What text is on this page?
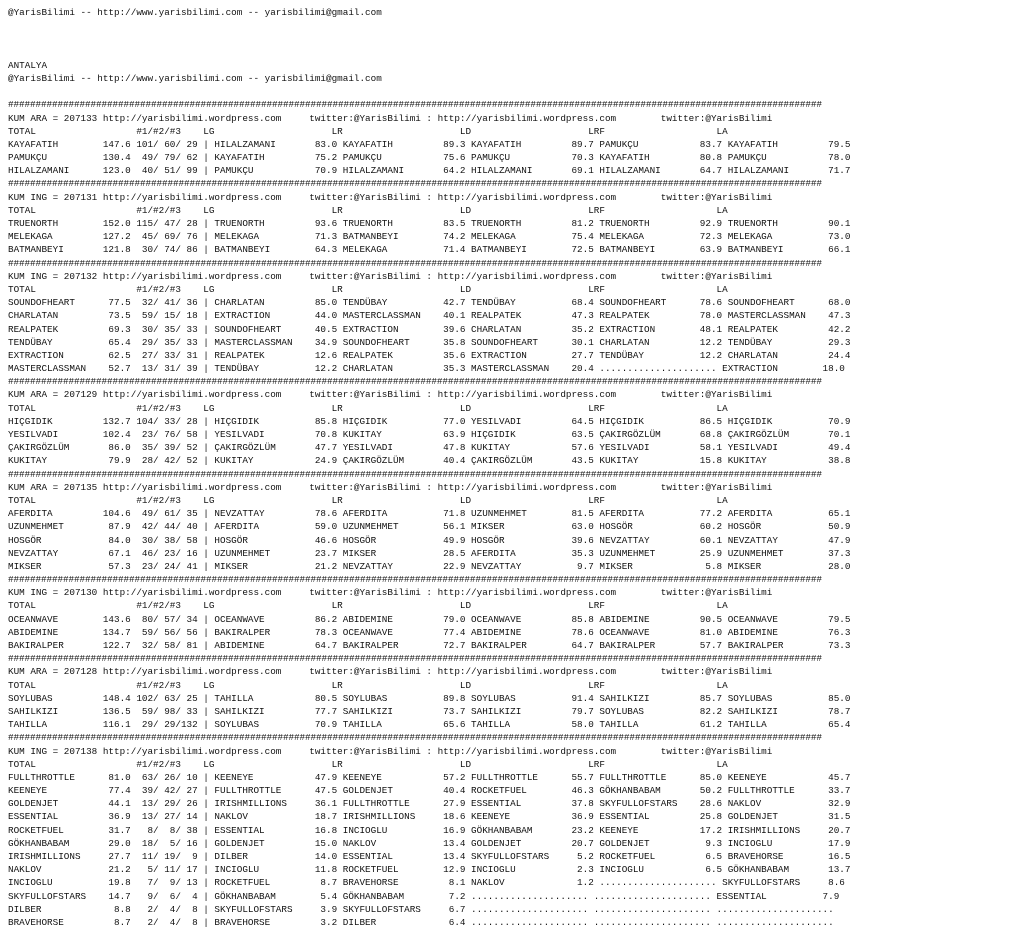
@YarisBilimi -- http://www.yarisbilimi.com -- yarisbilimi@gmail.com
ANTALYA
@YarisBilimi -- http://www.yarisbilimi.com -- yarisbilimi@gmail.com
####################################################################################################################################################
KUM ARA = 207133 http://yarisbilimi.wordpress.com     twitter:@YarisBilimi : http://yarisbilimi.wordpress.com        twitter:@YarisBilimi
TOTAL                  #1/#2/#3    LG                     LR                     LD                     LRF                    LA
KAYAFATIH        147.6 101/ 60/ 29 | HILALZAMANI       83.0 KAYAFATIH         89.3 KAYAFATIH         89.7 PAMUKÇU           83.7 KAYAFATIH         79.5
PAMUKÇU          130.4  49/ 79/ 62 | KAYAFATIH         75.2 PAMUKÇU           75.6 PAMUKÇU           70.3 KAYAFATIH         80.8 PAMUKÇU           78.0
HILALZAMANI      123.0  40/ 51/ 99 | PAMUKÇU           70.9 HILALZAMANI       64.2 HILALZAMANI       69.1 HILALZAMANI       64.7 HILALZAMANI       71.7
####################################################################################################################################################
KUM ING = 207131 http://yarisbilimi.wordpress.com     twitter:@YarisBilimi : http://yarisbilimi.wordpress.com        twitter:@YarisBilimi
TOTAL                  #1/#2/#3    LG                     LR                     LD                     LRF                    LA
TRUENORTH        152.0 115/ 47/ 28 | TRUENORTH         93.6 TRUENORTH         83.5 TRUENORTH         81.2 TRUENORTH         92.9 TRUENORTH         90.1
MELEKAGA         127.2  45/ 69/ 76 | MELEKAGA          71.3 BATMANBEYI        74.2 MELEKAGA          75.4 MELEKAGA          72.3 MELEKAGA          73.0
BATMANBEYI       121.8  30/ 74/ 86 | BATMANBEYI        64.3 MELEKAGA          71.4 BATMANBEYI        72.5 BATMANBEYI        63.9 BATMANBEYI        66.1
####################################################################################################################################################
KUM ING = 207132 http://yarisbilimi.wordpress.com     twitter:@YarisBilimi : http://yarisbilimi.wordpress.com        twitter:@YarisBilimi
TOTAL                  #1/#2/#3    LG                     LR                     LD                     LRF                    LA
SOUNDOFHEART      77.5  32/ 41/ 36 | CHARLATAN         85.0 TENDÜBAY          42.7 TENDÜBAY          68.4 SOUNDOFHEART      78.6 SOUNDOFHEART      68.0
CHARLATAN         73.5  59/ 15/ 18 | EXTRACTION        44.0 MASTERCLASSMAN    40.1 REALPATEK         47.3 REALPATEK         78.0 MASTERCLASSMAN    47.3
REALPATEK         69.3  30/ 35/ 33 | SOUNDOFHEART      40.5 EXTRACTION        39.6 CHARLATAN         35.2 EXTRACTION        48.1 REALPATEK         42.2
TENDÜBAY          65.4  29/ 35/ 33 | MASTERCLASSMAN    34.9 SOUNDOFHEART      35.8 SOUNDOFHEART      30.1 CHARLATAN         12.2 TENDÜBAY          29.3
EXTRACTION        62.5  27/ 33/ 31 | REALPATEK         12.6 REALPATEK         35.6 EXTRACTION        27.7 TENDÜBAY          12.2 CHARLATAN         24.4
MASTERCLASSMAN    52.7  13/ 31/ 39 | TENDÜBAY          12.2 CHARLATAN         35.3 MASTERCLASSMAN    20.4 ..................... EXTRACTION        18.0
####################################################################################################################################################
KUM ARA = 207129 http://yarisbilimi.wordpress.com     twitter:@YarisBilimi : http://yarisbilimi.wordpress.com        twitter:@YarisBilimi
TOTAL                  #1/#2/#3    LG                     LR                     LD                     LRF                    LA
HIÇGIDIK         132.7 104/ 33/ 28 | HIÇGIDIK          85.8 HIÇGIDIK          77.0 YESILVADI         64.5 HIÇGIDIK          86.5 HIÇGIDIK          70.9
YESILVADI        102.4  23/ 76/ 58 | YESILVADI         70.8 KUKITAY           63.9 HIÇGIDIK          63.5 ÇAKIRGÖZLÜM       68.8 ÇAKIRGÖZLÜM       70.1
ÇAKIRGÖZLÜM       86.0  35/ 39/ 52 | ÇAKIRGÖZLÜM       47.7 YESILVADI         47.8 KUKITAY           57.6 YESILVADI         58.1 YESILVADI         49.4
KUKITAY           79.9  28/ 42/ 52 | KUKITAY           24.9 ÇAKIRGÖZLÜM       40.4 ÇAKIRGÖZLÜM       43.5 KUKITAY           15.8 KUKITAY           38.8
####################################################################################################################################################
KUM ARA = 207135 http://yarisbilimi.wordpress.com     twitter:@YarisBilimi : http://yarisbilimi.wordpress.com        twitter:@YarisBilimi
TOTAL                  #1/#2/#3    LG                     LR                     LD                     LRF                    LA
AFERDITA         104.6  49/ 61/ 35 | NEVZATTAY         78.6 AFERDITA          71.8 UZUNMEHMET        81.5 AFERDITA          77.2 AFERDITA          65.1
UZUNMEHMET        87.9  42/ 44/ 40 | AFERDITA          59.0 UZUNMEHMET        56.1 MIKSER            63.0 HOSGÖR            60.2 HOSGÖR            50.9
HOSGÖR            84.0  30/ 38/ 58 | HOSGÖR            46.6 HOSGÖR            49.9 HOSGÖR            39.6 NEVZATTAY         60.1 NEVZATTAY         47.9
NEVZATTAY         67.1  46/ 23/ 16 | UZUNMEHMET        23.7 MIKSER            28.5 AFERDITA          35.3 UZUNMEHMET        25.9 UZUNMEHMET        37.3
MIKSER            57.3  23/ 24/ 41 | MIKSER            21.2 NEVZATTAY         22.9 NEVZATTAY          9.7 MIKSER             5.8 MIKSER            28.0
####################################################################################################################################################
KUM ING = 207130 http://yarisbilimi.wordpress.com     twitter:@YarisBilimi : http://yarisbilimi.wordpress.com        twitter:@YarisBilimi
TOTAL                  #1/#2/#3    LG                     LR                     LD                     LRF                    LA
OCEANWAVE        143.6  80/ 57/ 34 | OCEANWAVE         86.2 ABIDEMINE         79.0 OCEANWAVE         85.8 ABIDEMINE         90.5 OCEANWAVE         79.5
ABIDEMINE        134.7  59/ 56/ 56 | BAKIRALPER        78.3 OCEANWAVE         77.4 ABIDEMINE         78.6 OCEANWAVE         81.0 ABIDEMINE         76.3
BAKIRALPER       122.7  32/ 58/ 81 | ABIDEMINE         64.7 BAKIRALPER        72.7 BAKIRALPER        64.7 BAKIRALPER        57.7 BAKIRALPER        73.3
####################################################################################################################################################
KUM ARA = 207128 http://yarisbilimi.wordpress.com     twitter:@YarisBilimi : http://yarisbilimi.wordpress.com        twitter:@YarisBilimi
TOTAL                  #1/#2/#3    LG                     LR                     LD                     LRF                    LA
SOYLUBAS         148.4 102/ 63/ 25 | TAHILLA           80.5 SOYLUBAS          89.8 SOYLUBAS          91.4 SAHILKIZI         85.7 SOYLUBAS          85.0
SAHILKIZI        136.5  59/ 98/ 33 | SAHILKIZI         77.7 SAHILKIZI         73.7 SAHILKIZI         79.7 SOYLUBAS          82.2 SAHILKIZI         78.7
TAHILLA          116.1  29/ 29/132 | SOYLUBAS          70.9 TAHILLA           65.6 TAHILLA           58.0 TAHILLA           61.2 TAHILLA           65.4
####################################################################################################################################################
KUM ING = 207138 http://yarisbilimi.wordpress.com     twitter:@YarisBilimi : http://yarisbilimi.wordpress.com        twitter:@YarisBilimi
TOTAL                  #1/#2/#3    LG                     LR                     LD                     LRF                    LA
FULLTHROTTLE      81.0  63/ 26/ 10 | KEENEYE           47.9 KEENEYE           57.2 FULLTHROTTLE      55.7 FULLTHROTTLE      85.0 KEENEYE           45.7
KEENEYE           77.4  39/ 42/ 27 | FULLTHROTTLE      47.5 GOLDENJET         40.4 ROCKETFUEL        46.3 GÖKHANBABAM       50.2 FULLTHROTTLE      33.7
GOLDENJET         44.1  13/ 29/ 26 | IRISHMILLIONS     36.1 FULLTHROTTLE      27.9 ESSENTIAL         37.8 SKYFULLOFSTARS    28.6 NAKLOV            32.9
ESSENTIAL         36.9  13/ 27/ 14 | NAKLOV            18.7 IRISHMILLIONS     18.6 KEENEYE           36.9 ESSENTIAL         25.8 GOLDENJET         31.5
ROCKETFUEL        31.7   8/  8/ 38 | ESSENTIAL         16.8 INCIOGLU          16.9 GÖKHANBABAM       23.2 KEENEYE           17.2 IRISHMILLIONS     20.7
GÖKHANBABAM       29.0  18/  5/ 16 | GOLDENJET         15.0 NAKLOV            13.4 GOLDENJET         20.7 GOLDENJET          9.3 INCIOGLU          17.9
IRISHMILLIONS     27.7  11/ 19/  9 | DILBER            14.0 ESSENTIAL         13.4 SKYFULLOFSTARS     5.2 ROCKETFUEL         6.5 BRAVEHORSE        16.5
NAKLOV            21.2   5/ 11/ 17 | INCIOGLU          11.8 ROCKETFUEL        12.9 INCIOGLU           2.3 INCIOGLU           6.5 GÖKHANBABAM       13.7
INCIOGLU          19.8   7/  9/ 13 | ROCKETFUEL         8.7 BRAVEHORSE         8.1 NAKLOV             1.2 ..................... SKYFULLOFSTARS     8.6
SKYFULLOFSTARS    14.7   9/  6/  4 | GÖKHANBABAM        5.4 GÖKHANBABAM        7.2 ..................... ..................... ESSENTIAL          7.9
DILBER             8.8   2/  4/  8 | SKYFULLOFSTARS     3.9 SKYFULLOFSTARS     6.7 ..................... ..................... .....................
BRAVEHORSE         8.7   2/  4/  8 | BRAVEHORSE         3.2 DILBER             6.4 ..................... ..................... .....................
